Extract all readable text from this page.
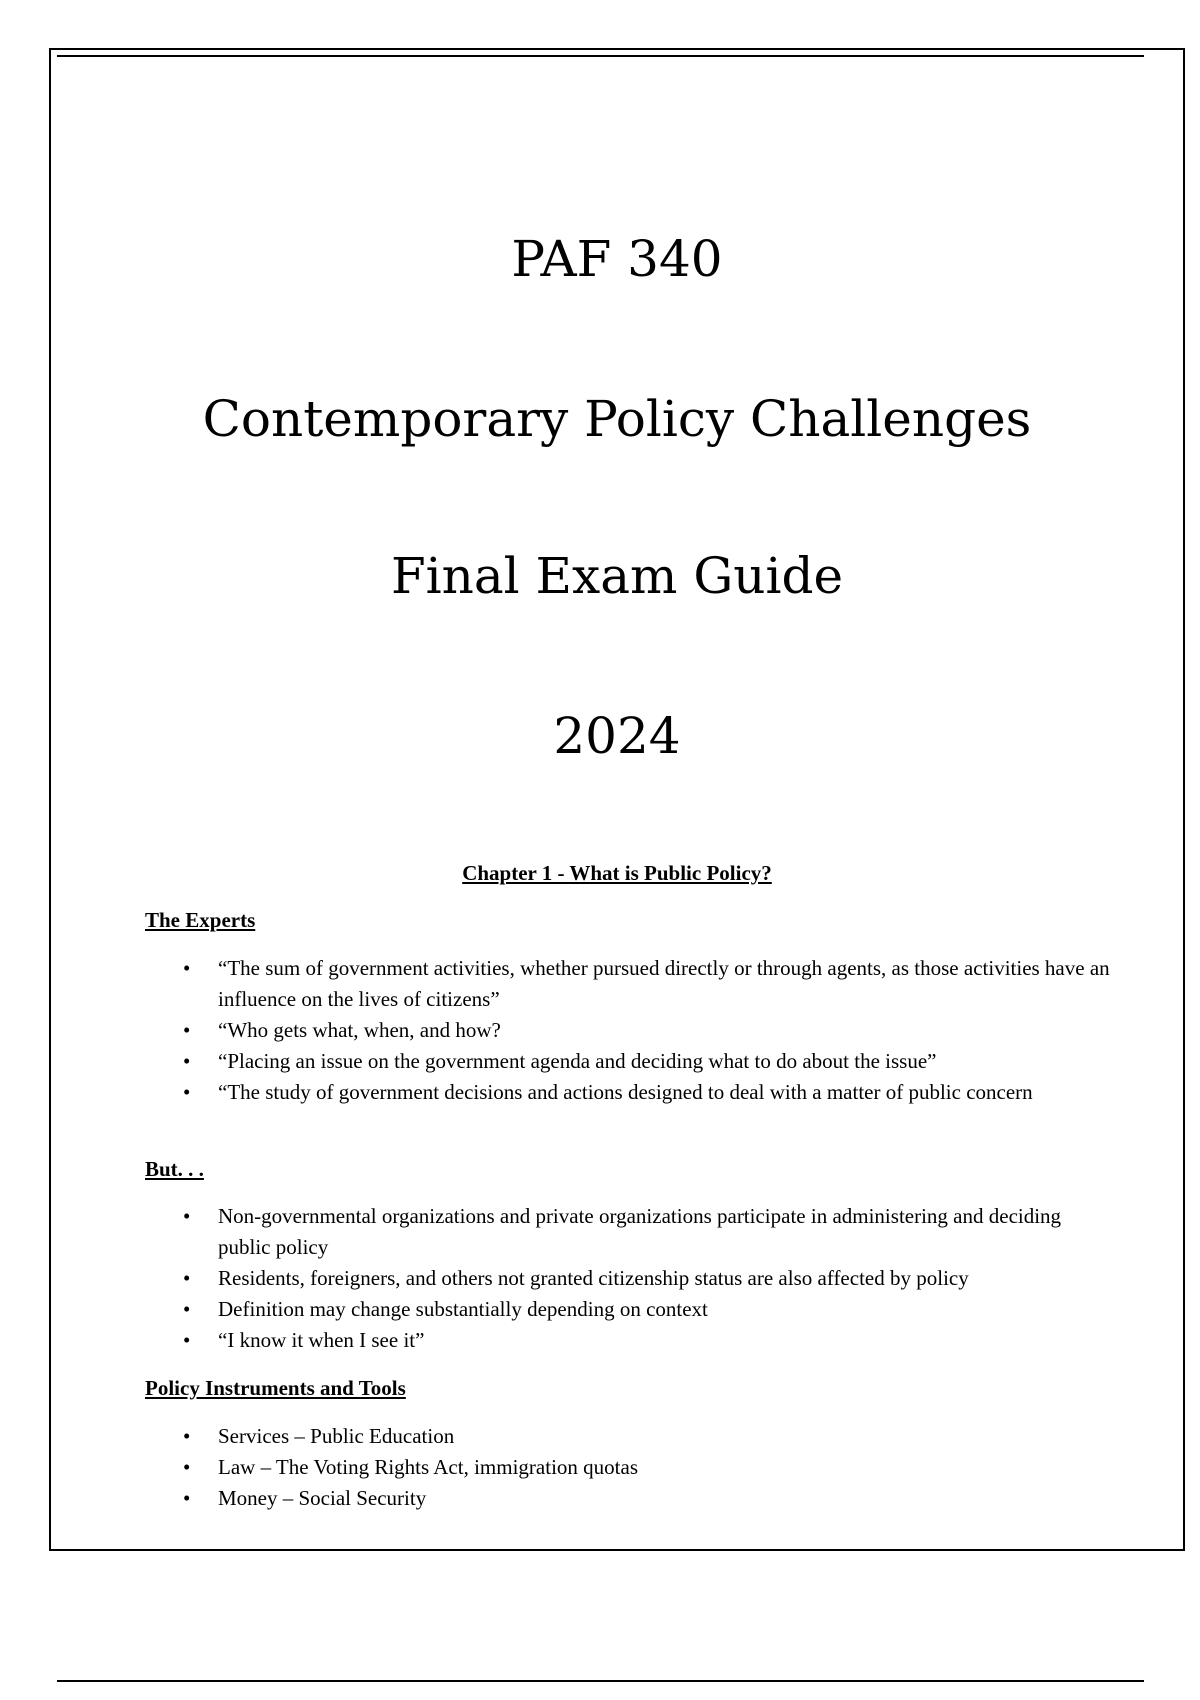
PAF 340
Contemporary Policy Challenges
Final Exam Guide
2024
Chapter 1 - What is Public Policy?
The Experts
• “The sum of government activities, whether pursued directly or through agents, as those activities have an influence on the lives of citizens”
• “Who gets what, when, and how?
• “Placing an issue on the government agenda and deciding what to do about the issue”
• “The study of government decisions and actions designed to deal with a matter of public concern
But. . .
• Non-governmental organizations and private organizations participate in administering and deciding public policy
• Residents, foreigners, and others not granted citizenship status are also affected by policy
• Definition may change substantially depending on context
• “I know it when I see it”
Policy Instruments and Tools
• Services – Public Education
• Law – The Voting Rights Act, immigration quotas
• Money – Social Security
